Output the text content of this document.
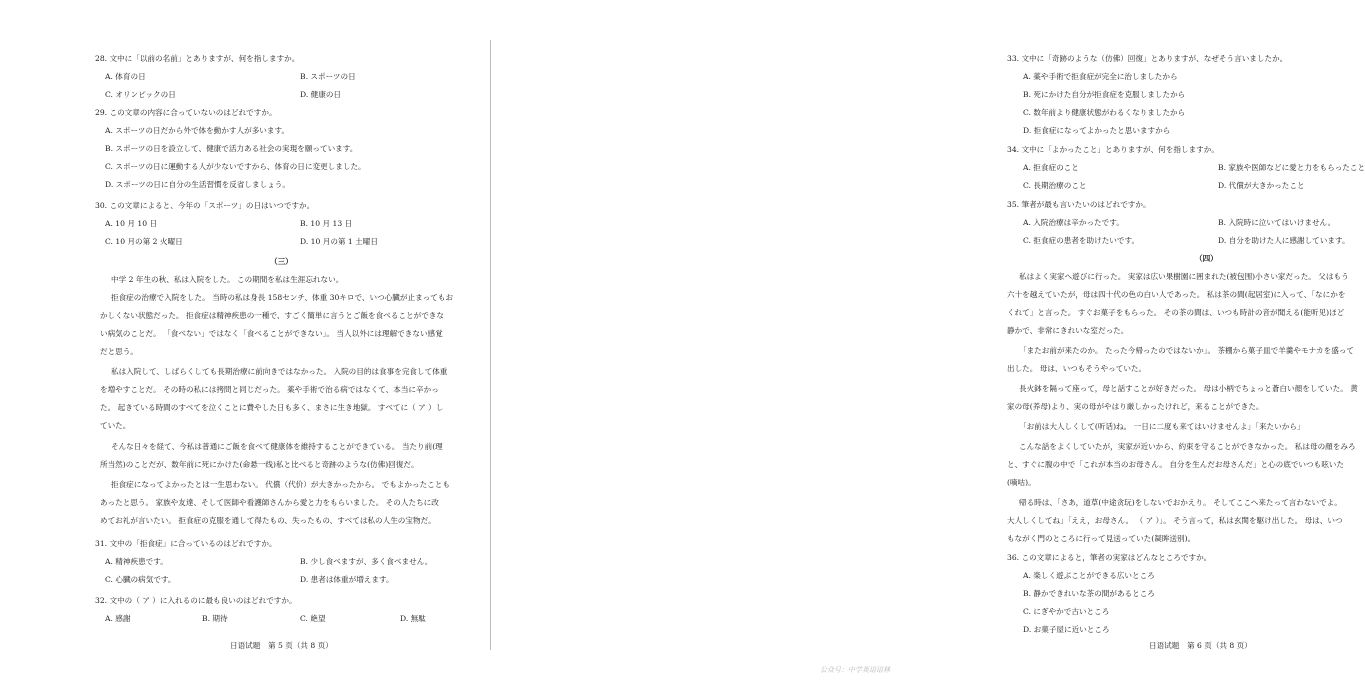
28. 文中に「以前の名前」とありますが、何を指しますか。
A. 体育の日	B. スポーツの日
C. オリンピックの日	D. 健康の日
29. この文章の内容に合っていないのはどれですか。
A. スポーツの日だから外で体を動かす人が多います。
B. スポーツの日を設立して、健康で活力ある社会の実現を願っています。
C. スポーツの日に運動する人が少ないですから、体育の日に変更しました。
D. スポーツの日に自分の生活習慣を反省しましょう。
30. この文章によると、今年の「スポーツ」の日はいつですか。
A. 10 月 10 日	B. 10 月 13 日
C. 10 月の第 2 火曜日	D. 10 月の第 1 土曜日
（三）
中学 2 年生の秋、私は入院をした。 この期間を私は生涯忘れない。
拒食症の治療で入院をした。 当時の私は身長 158センチ、体重 30キロで、いつ心臓が止まってもお
かしくない状態だった。 拒食症は精神疾患の一種で、すごく簡単に言うとご飯を食べることができな
い病気のことだ。 「食べない」ではなく「食べることができない」。 当人以外には理解できない感覚
だと思う。
私は入院して、しばらくしても長期治療に前向きではなかった。 入院の目的は食事を完食して体重
を増やすことだ。 その時の私には拷問と同じだった。 薬や手術で治る病ではなくて、本当に辛かっ
た。 起きている時間のすべてを泣くことに費やした日も多く、まさに生き地獄。 すべてに（ ア ）し
ていた。
そんな日々を経て、今私は普通にご飯を食べて健康体を維持することができている。 当たり前(理
所当然)のことだが、数年前に死にかけた(命悬一线)私と比べると奇跡のような(仿佛)回復だ。
拒食症になってよかったとは一生思わない。 代償（代价）が大きかったから。 でもよかったことも
あったと思う。 家族や友達、そして医師や看護師さんから愛と力をもらいました。 その人たちに改
めてお礼が言いたい。 拒食症の克服を通して得たもの、失ったもの、すべては私の人生の宝物だ。
31. 文中の「拒食症」に合っているのはどれですか。
A. 精神疾患です。	B. 少し食べますが、多く食べません。
C. 心臓の病気です。	D. 患者は体重が増えます。
32. 文中の（ ア ）に入れるのに最も良いのはどれですか。
A. 感謝	B. 期待	C. 絶望	D. 無駄
日语试题　第 5 页（共 8 页）
33. 文中に「奇跡のような（仿佛）回復」とありますが、なぜそう言いましたか。
A. 薬や手術で拒食症が完全に治しましたから
B. 死にかけた自分が拒食症を克服しましたから
C. 数年前より健康状態がわるくなりましたから
D. 拒食症になってよかったと思いますから
34. 文中に「よかったこと」とありますが、何を指しますか。
A. 拒食症のこと	B. 家族や医師などに愛と力をもらったこと
C. 長期治療のこと	D. 代償が大きかったこと
35. 筆者が最も言いたいのはどれですか。
A. 入院治療は辛かったです。	B. 入院時に泣いてはいけません。
C. 拒食症の患者を助けたいです。	D. 自分を助けた人に感謝しています。
（四）
私はよく実家へ遊びに行った。 実家は広い果樹園に囲まれた(被包围)小さい家だった。 父はもう
六十を越えていたが，母は四十代の色の白い人であった。 私は茶の間(起居室)に入って、「なにかを
くれて」と言った。 すぐお菓子をもらった。 その茶の間は、いつも時計の音が聞える(能听见)ほど
静かで、非常にきれいな室だった。
「またお前が来たのか。 たった今帰ったのではないか」。 茶棚から菓子皿で羊羹やモナカを盛って
出した。 母は、いつもそうやっていた。
長火鉢を隔って座って，母と話すことが好きだった。 母は小柄でちょっと蒼白い顔をしていた。 黄
家の母(养母)より、実の母がやはり厳しかったけれど，来ることができた。
「お前は大人しくして(听话)ね。 一日に二度も来てはいけませんよ」「来たいから」
こんな話をよくしていたが，実家が近いから、約束を守ることができなかった。 私は母の顔をみろ
と、すぐに腹の中で「これが本当のお母さん。 自分を生んだお母さんだ」と心の底でいつも呟いた
(嘀咕)。
帰る時は、「さあ，道草(中途贪玩)をしないでおかえり。 そしてここへ来たって言わないでよ。
大人しくしてね」「ええ，お母さん。 （ ア ）」。 そう言って，私は玄関を駆け出した。 母は、いつ
もながく門のところに行って見送っていた(凝眸送别)。
36. この文章によると，筆者の実家はどんなところですか。
A. 楽しく遊ぶことができる広いところ
B. 静かできれいな茶の間があるところ
C. にぎやかで古いところ
D. お菓子屋に近いところ
日语试题　第 6 页（共 8 页）
公众号：中学英语语林
